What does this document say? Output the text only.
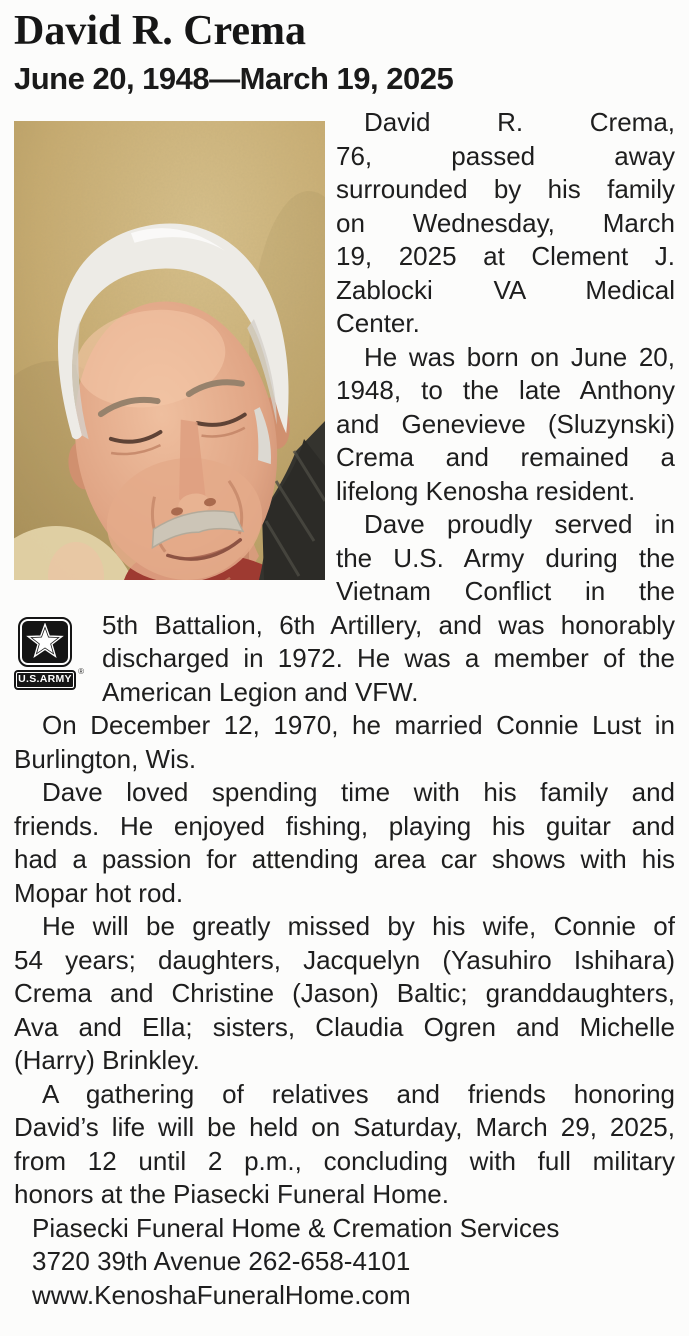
David R. Crema
June 20, 1948—March 19, 2025

David R. Crema,
76, passed away
surrounded by his family
on Wednesday, March
19, 2025 at Clement J.
Zablocki VA Medical
Center.

He was born on June 20,
1948, to the late Anthony
and Genevieve (Sluzynski)
Crema and remained a
lifelong Kenosha resident.

Dave proudly served in
the U.S. Army during the
Vietnam Conflict in the
U.S.ARMY
®
5th Battalion, 6th Artillery, and was honorably
discharged in 1972. He was a member of the
American Legion and VFW.

On December 12, 1970, he married Connie Lust in
Burlington, Wis.

Dave loved spending time with his family and
friends. He enjoyed fishing, playing his guitar and
had a passion for attending area car shows with his
Mopar hot rod.

He will be greatly missed by his wife, Connie of
54 years; daughters, Jacquelyn (Yasuhiro Ishihara)
Crema and Christine (Jason) Baltic; granddaughters,
Ava and Ella; sisters, Claudia Ogren and Michelle
(Harry) Brinkley.

A gathering of relatives and friends honoring
David’s life will be held on Saturday, March 29, 2025,
from 12 until 2 p.m., concluding with full military
honors at the Piasecki Funeral Home.

Piasecki Funeral Home & Cremation Services
3720 39th Avenue 262-658-4101
www.KenoshaFuneralHome.com
